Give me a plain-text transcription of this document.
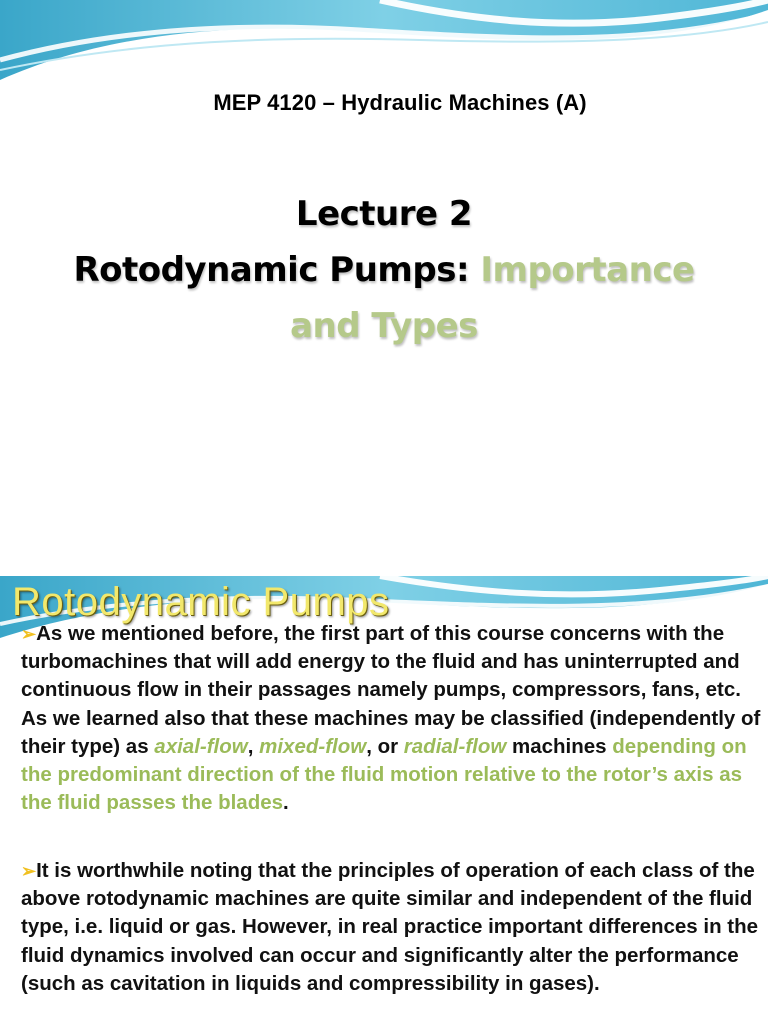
MEP 4120 – Hydraulic Machines (A)
Lecture 2
Rotodynamic Pumps: Importance
and Types
Rotodynamic Pumps

➢As we mentioned before, the first part of this course concerns with the turbomachines that will add energy to the fluid and has uninterrupted and continuous flow in their passages namely pumps, compressors, fans, etc. As we learned also that these machines may be classified (independently of their type) as axial-flow, mixed-flow, or radial-flow machines depending on the predominant direction of the fluid motion relative to the rotor’s axis as the fluid passes the blades.

➢It is worthwhile noting that the principles of operation of each class of the above rotodynamic machines are quite similar and independent of the fluid type, i.e. liquid or gas. However, in real practice important differences in the fluid dynamics involved can occur and significantly alter the performance (such as cavitation in liquids and compressibility in gases).
